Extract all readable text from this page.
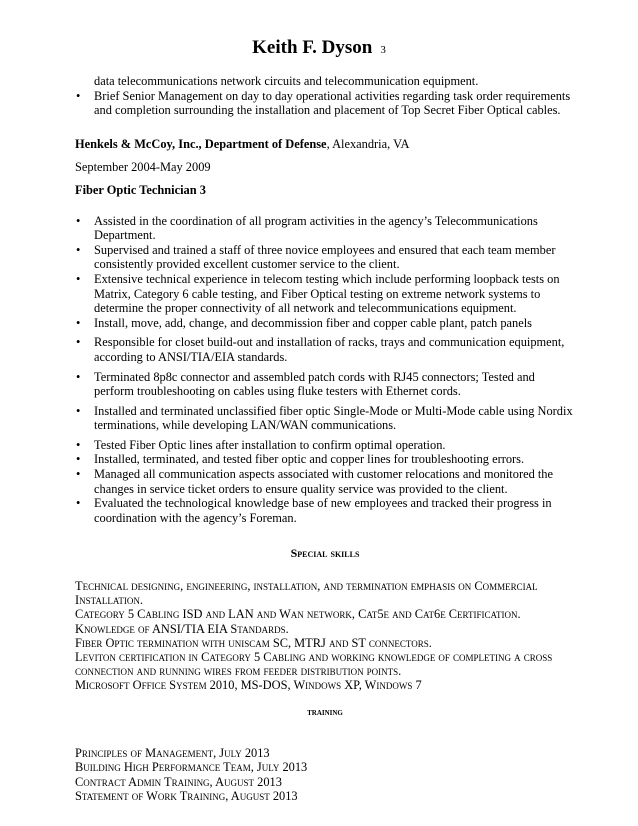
Keith F. Dyson 3
data telecommunications network circuits and telecommunication equipment.
• Brief Senior Management on day to day operational activities regarding task order requirements and completion surrounding the installation and placement of Top Secret Fiber Optical cables.
Henkels & McCoy, Inc., Department of Defense, Alexandria, VA
September 2004-May 2009
Fiber Optic Technician 3
• Assisted in the coordination of all program activities in the agency’s Telecommunications Department.
• Supervised and trained a staff of three novice employees and ensured that each team member consistently provided excellent customer service to the client.
• Extensive technical experience in telecom testing which include performing loopback tests on Matrix, Category 6 cable testing, and Fiber Optical testing on extreme network systems to determine the proper connectivity of all network and telecommunications equipment.
• Install, move, add, change, and decommission fiber and copper cable plant, patch panels
• Responsible for closet build-out and installation of racks, trays and communication equipment, according to ANSI/TIA/EIA standards.
• Terminated 8p8c connector and assembled patch cords with RJ45 connectors; Tested and perform troubleshooting on cables using fluke testers with Ethernet cords.
• Installed and terminated unclassified fiber optic Single-Mode or Multi-Mode cable using Nordix terminations, while developing LAN/WAN communications.
• Tested Fiber Optic lines after installation to confirm optimal operation.
• Installed, terminated, and tested fiber optic and copper lines for troubleshooting errors.
• Managed all communication aspects associated with customer relocations and monitored the changes in service ticket orders to ensure quality service was provided to the client.
• Evaluated the technological knowledge base of new employees and tracked their progress in coordination with the agency’s Foreman.
Special skills
Technical designing, engineering, installation, and termination emphasis on Commercial Installation.
Category 5 Cabling ISD and LAN and Wan network, Cat5e and Cat6e Certification.
Knowledge of ANSI/TIA EIA Standards.
Fiber Optic termination with uniscam SC, MTRJ and ST connectors.
Leviton certification in Category 5 Cabling and working knowledge of completing a cross connection and running wires from feeder distribution points.
Microsoft Office System 2010, MS-DOS, Windows XP, Windows 7
training
Principles of Management, July 2013
Building High Performance Team, July 2013
Contract Admin Training, August 2013
Statement of Work Training, August 2013
